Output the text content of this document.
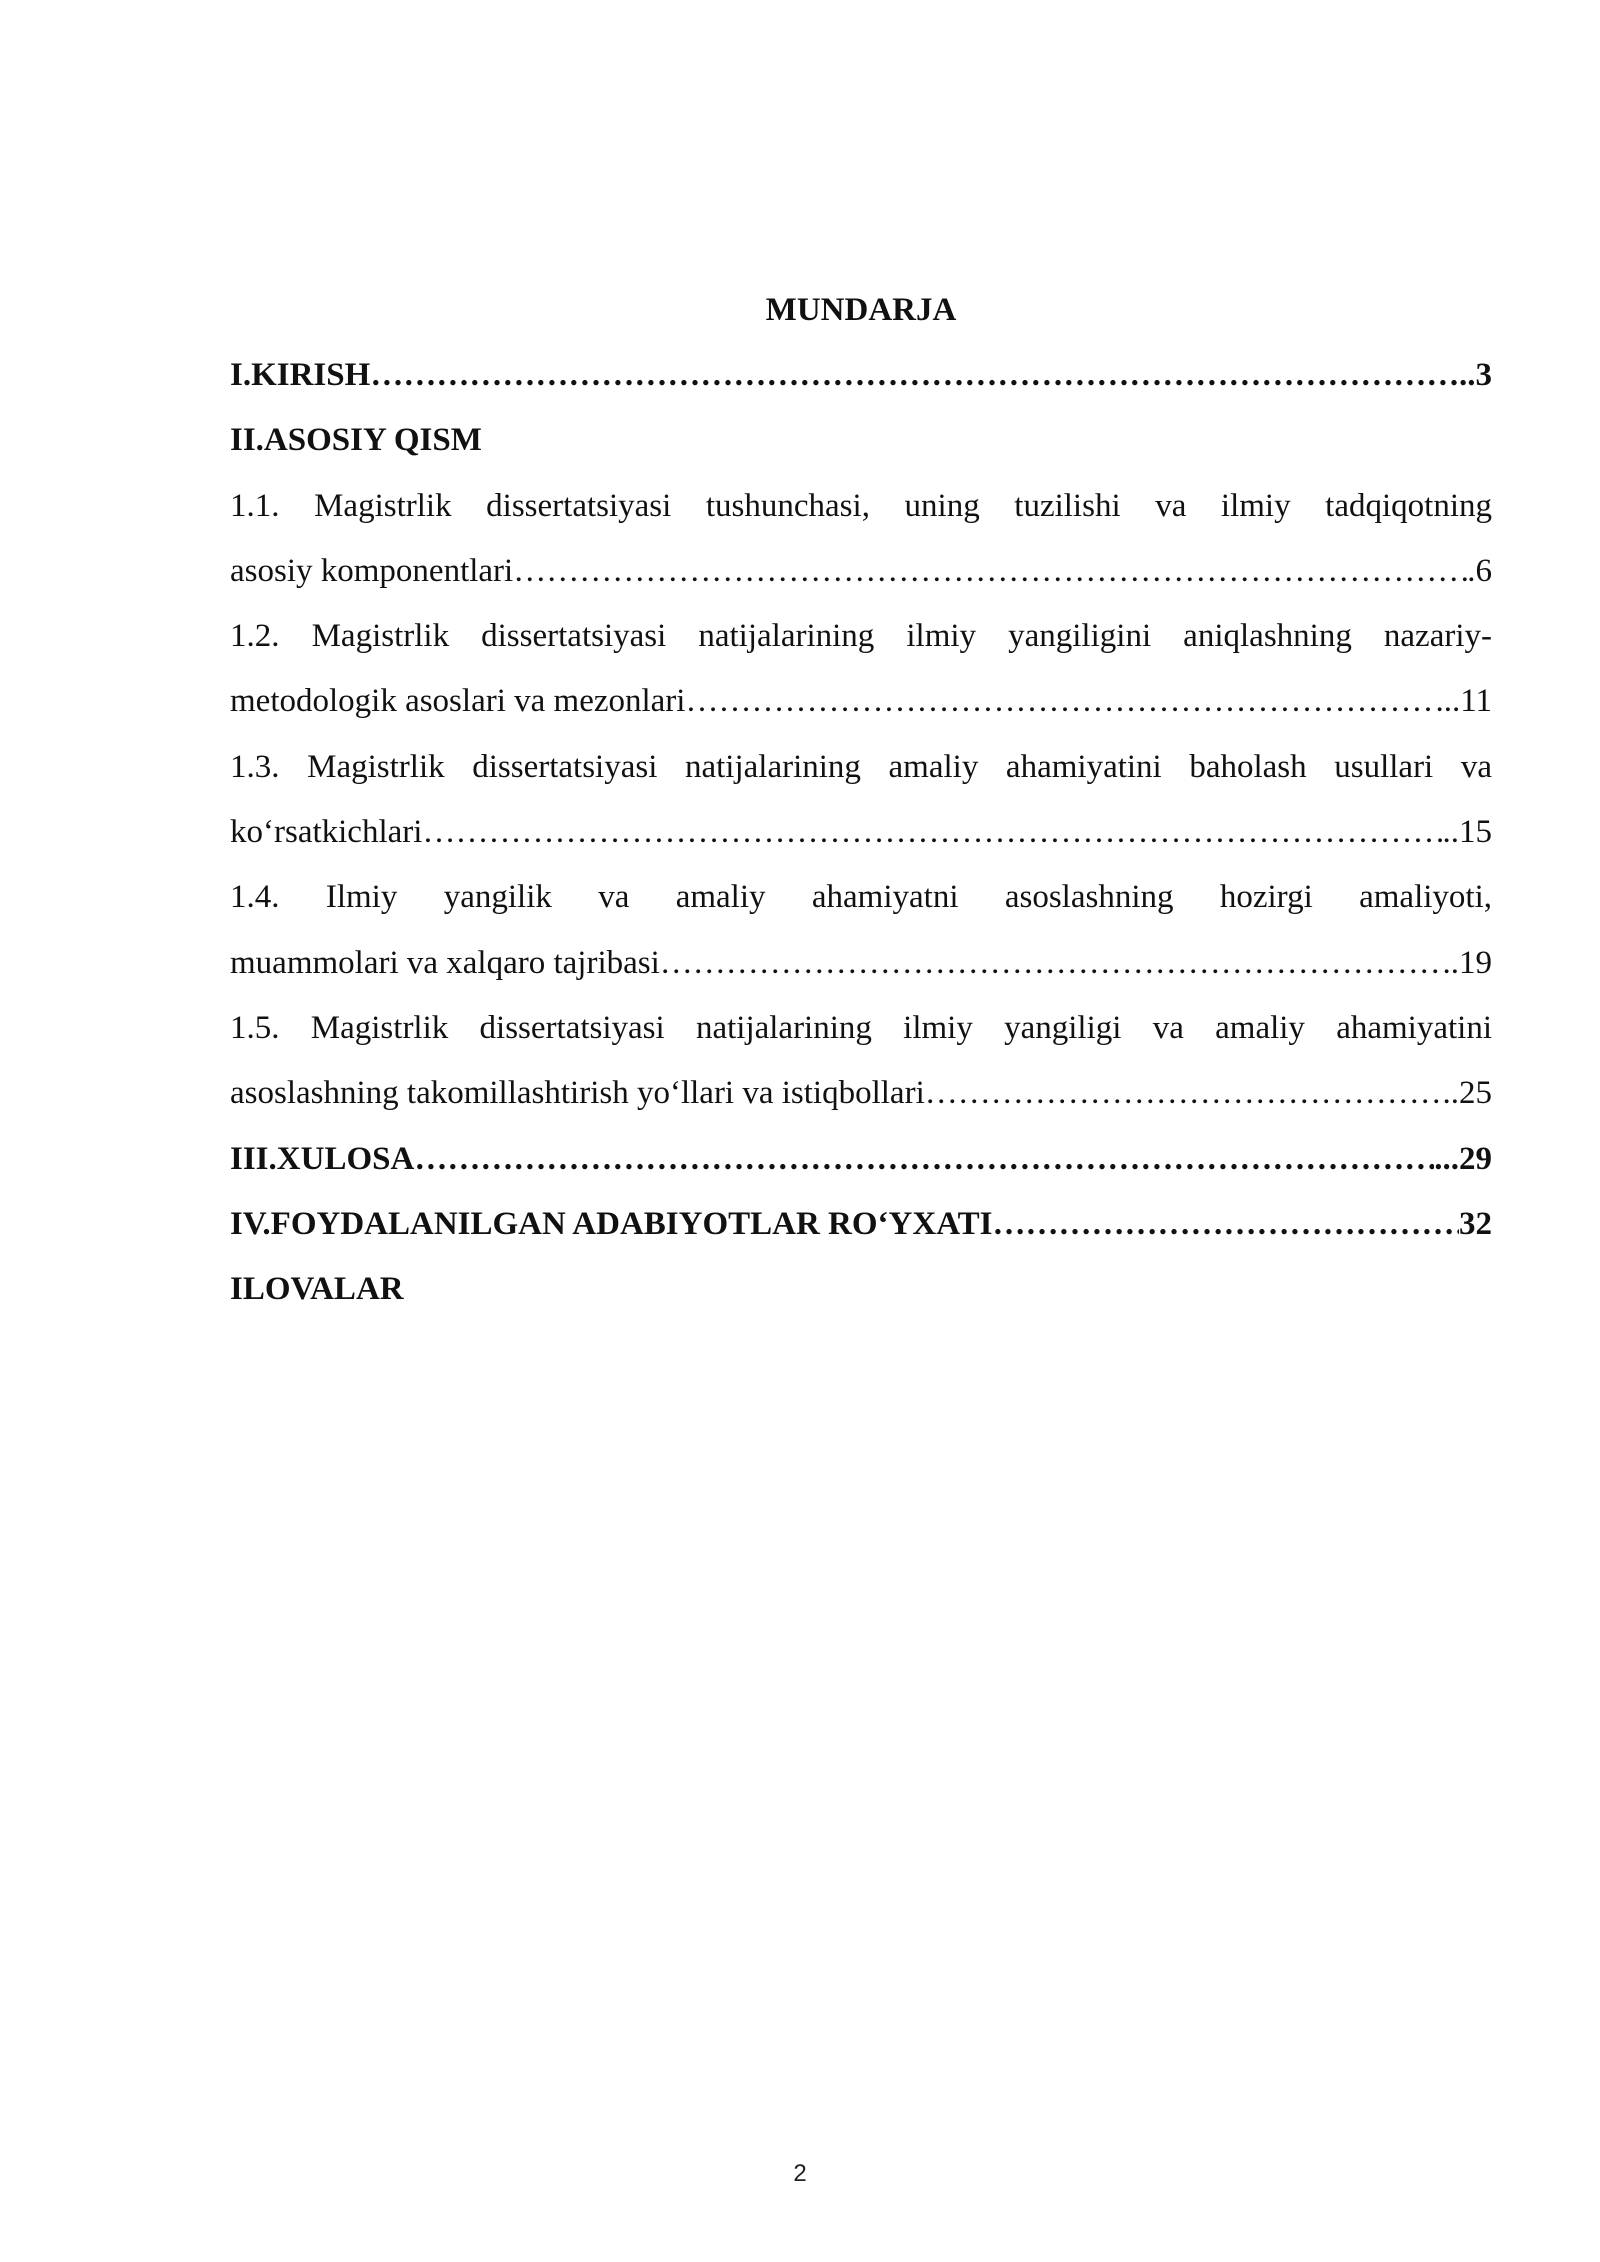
MUNDARJA
I.KIRISH …………………………………………………………………………………………………………………………………………………………………………………	..3
II.ASOSIY QISM
1.1. Magistrlik dissertatsiyasi tushunchasi, uning tuzilishi va ilmiy tadqiqotning
asosiy komponentlari …………………………………………………………………………………………………………………………………………………………………………………	.6
1.2. Magistrlik dissertatsiyasi natijalarining ilmiy yangiligini aniqlashning nazariy-
metodologik asoslari va mezonlari …………………………………………………………………………………………………………………………………………………………………………………	...11
1.3. Magistrlik dissertatsiyasi natijalarining amaliy ahamiyatini baholash usullari va
ko‘rsatkichlari …………………………………………………………………………………………………………………………………………………………………………………	..15
1.4. Ilmiy yangilik va amaliy ahamiyatni asoslashning hozirgi amaliyoti,
muammolari va xalqaro tajribasi …………………………………………………………………………………………………………………………………………………………………………………	..19
1.5. Magistrlik dissertatsiyasi natijalarining ilmiy yangiligi va amaliy ahamiyatini
asoslashning takomillashtirish yo‘llari va istiqbollari …………………………………………………………………………………………………………………………………………………………………………………	..25
III.XULOSA …………………………………………………………………………………………………………………………………………………………………………………	...29
IV.FOYDALANILGAN ADABIYOTLAR RO‘YXATI …………………………………………………………………………………………………………………………………………………………………………………	32
ILOVALAR
2
